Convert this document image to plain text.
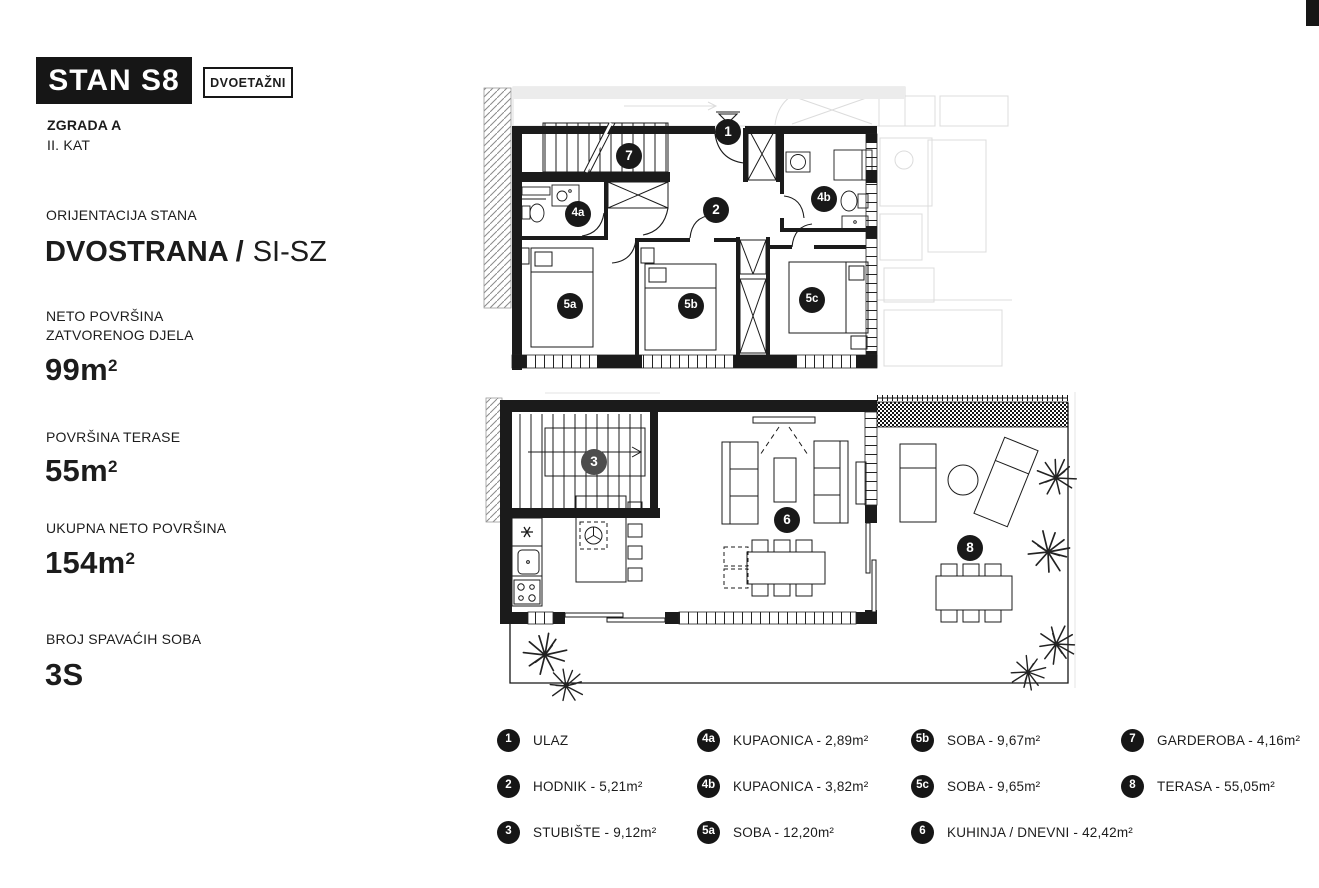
STAN S8	DVOETAŽNI
ZGRADA A
II. KAT
ORIJENTACIJA STANA
DVOSTRANA / SI-SZ
NETO POVRŠINA
ZATVORENOG DJELA
$99m^2$
POVRŠINA TERASE
$55m^2$
UKUPNA NETO POVRŠINA
$154m^2$
BROJ SPAVAĆIH SOBA
3S
1
7
4a	2
4b
5a	5b	5c
3
6
8
1	ULAZ
2	HODNIK - 5,21m²
3	STUBIŠTE - 9,12m²
4a	KUPAONICA - 2,89m²
4b	KUPAONICA - 3,82m²
5a	SOBA - 12,20m²
5b	SOBA - 9,67m²
5c	SOBA - 9,65m²
6	KUHINJA / DNEVNI - 42,42m²
7	GARDEROBA - 4,16m²
8	TERASA - 55,05m²
